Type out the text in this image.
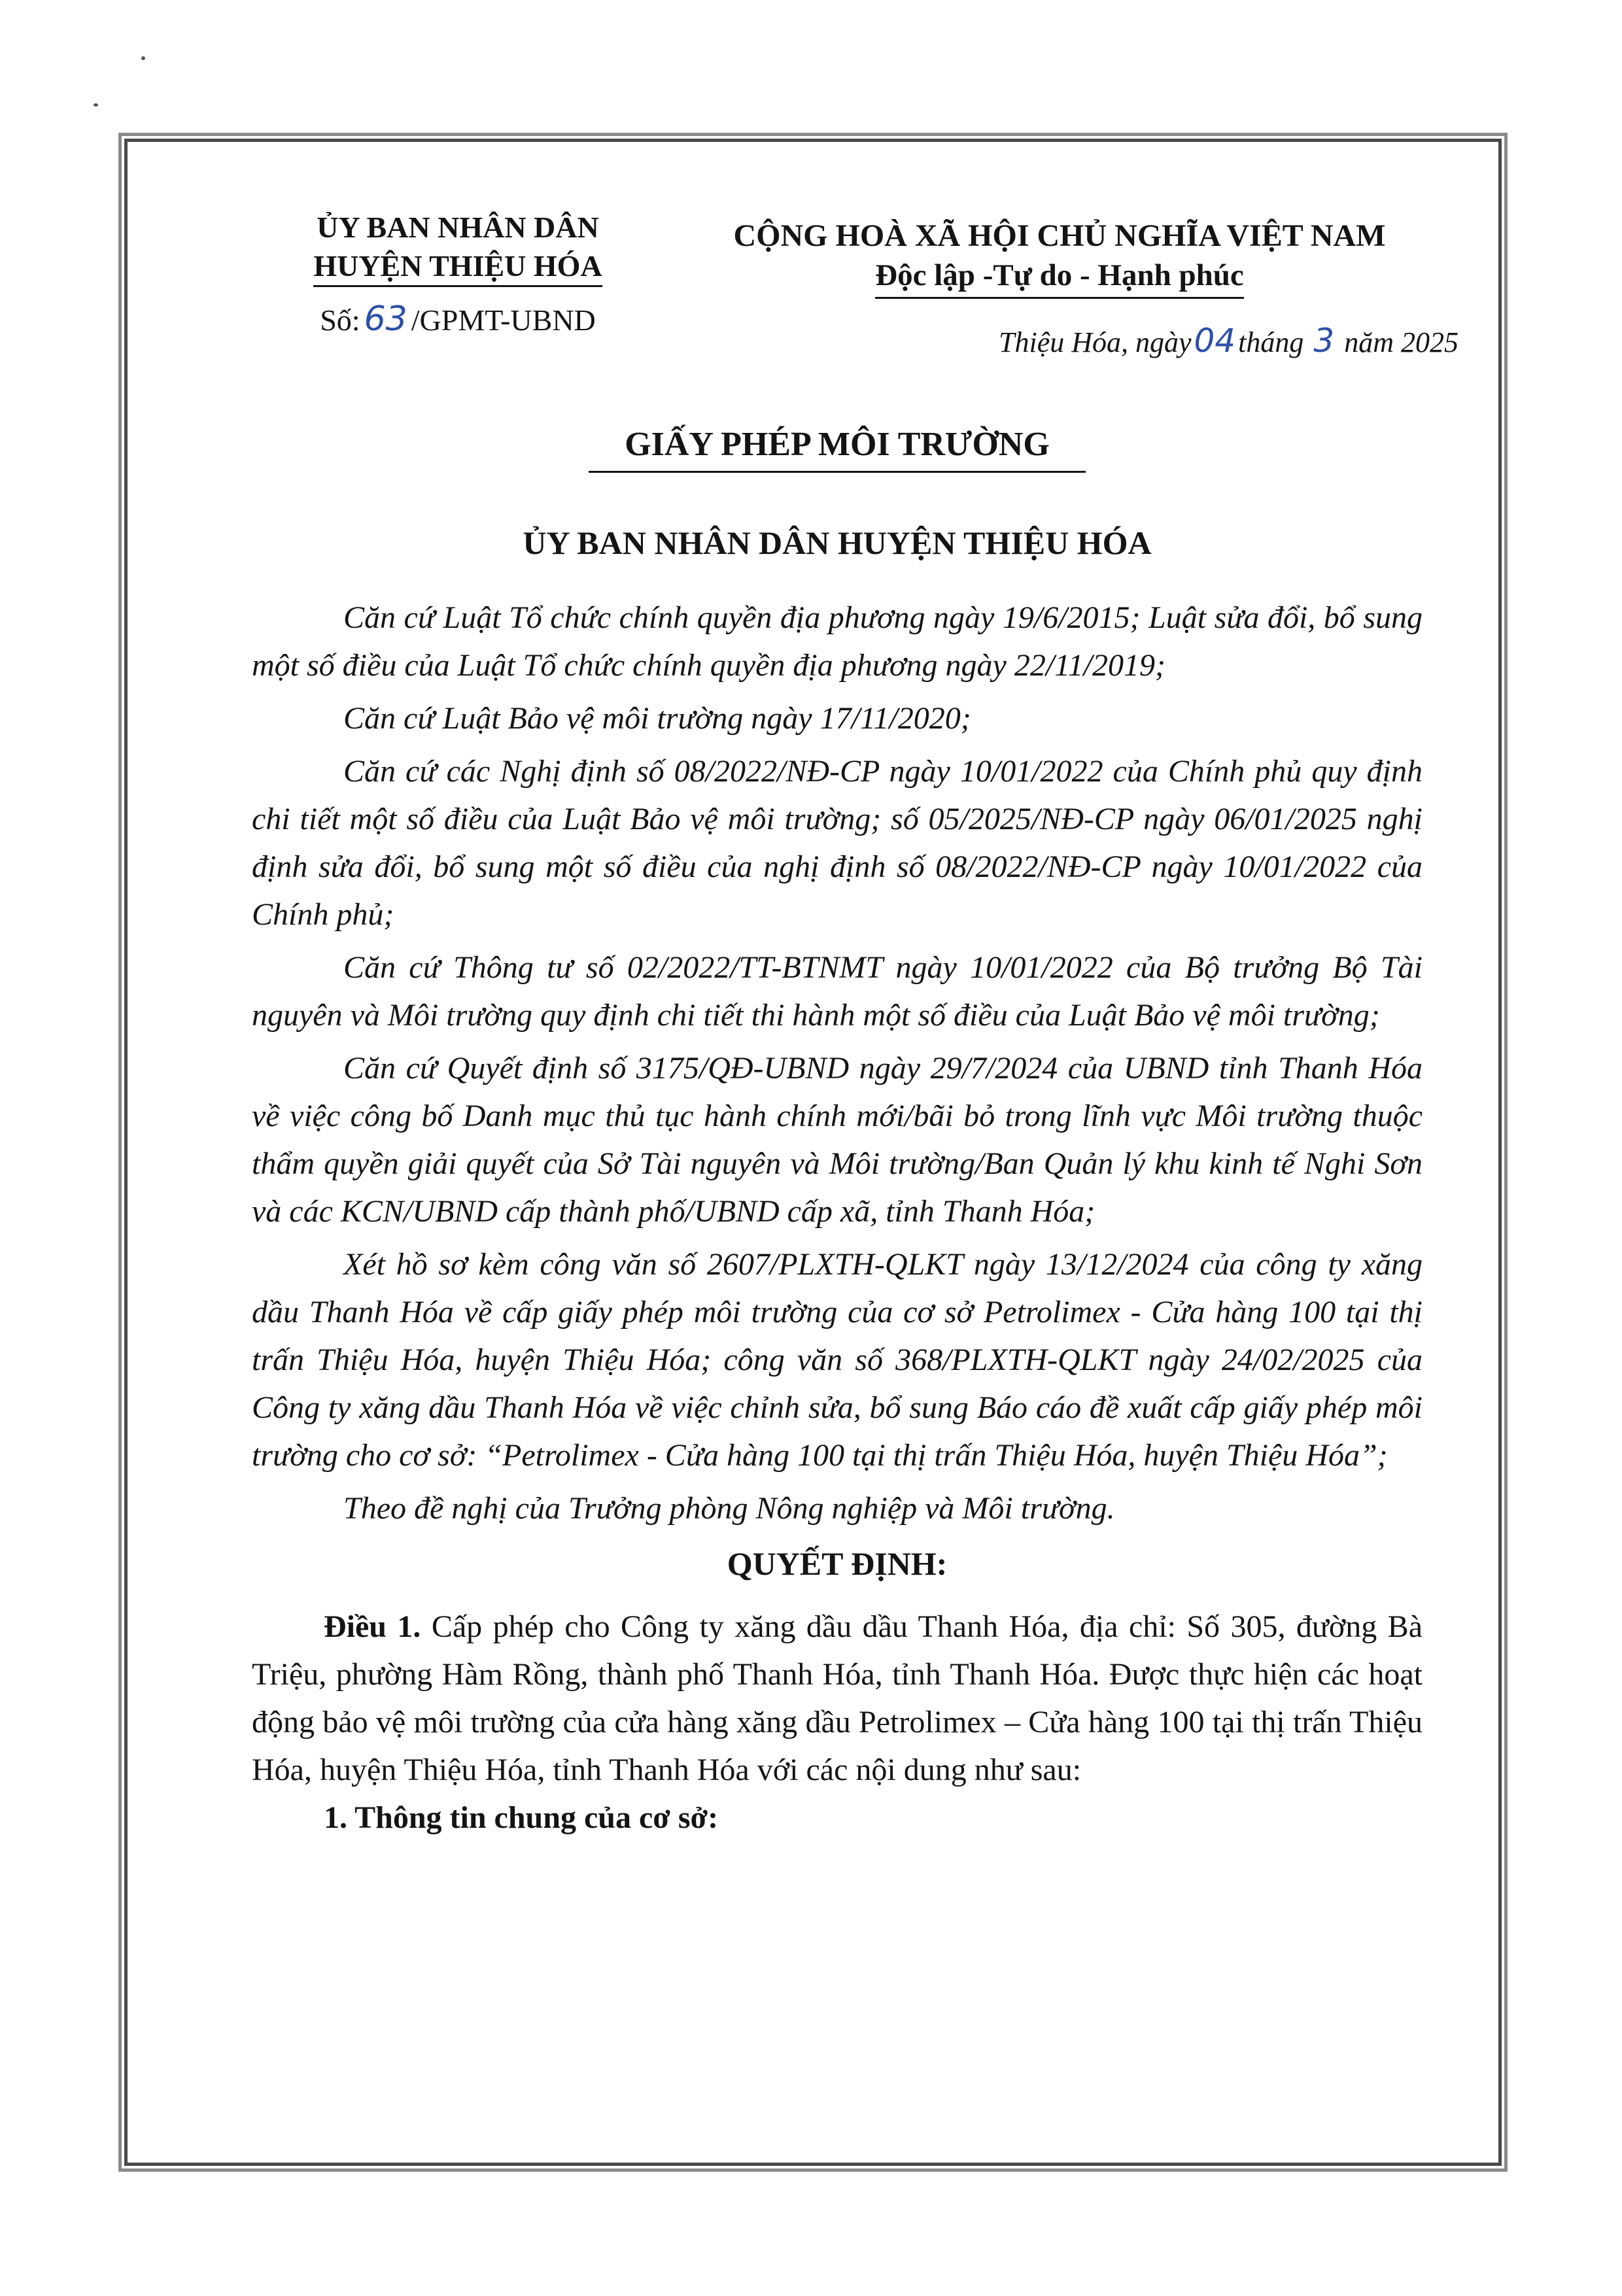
ỦY BAN NHÂN DÂN
HUYỆN THIỆU HÓA
Số: 63 /GPMT-UBND
CỘNG HOÀ XÃ HỘI CHỦ NGHĨA VIỆT NAM
Độc lập -Tự do - Hạnh phúc
Thiệu Hóa, ngày04tháng 3 năm 2025
GIẤY PHÉP MÔI TRƯỜNG
ỦY BAN NHÂN DÂN HUYỆN THIỆU HÓA

Căn cứ Luật Tổ chức chính quyền địa phương ngày 19/6/2015; Luật sửa đổi, bổ sung một số điều của Luật Tổ chức chính quyền địa phương ngày 22/11/2019;

Căn cứ Luật Bảo vệ môi trường ngày 17/11/2020;

Căn cứ các Nghị định số 08/2022/NĐ-CP ngày 10/01/2022 của Chính phủ quy định chi tiết một số điều của Luật Bảo vệ môi trường; số 05/2025/NĐ-CP ngày 06/01/2025 nghị định sửa đổi, bổ sung một số điều của nghị định số 08/2022/NĐ-CP ngày 10/01/2022 của Chính phủ;

Căn cứ Thông tư số 02/2022/TT-BTNMT ngày 10/01/2022 của Bộ trưởng Bộ Tài nguyên và Môi trường quy định chi tiết thi hành một số điều của Luật Bảo vệ môi trường;

Căn cứ Quyết định số 3175/QĐ-UBND ngày 29/7/2024 của UBND tỉnh Thanh Hóa về việc công bố Danh mục thủ tục hành chính mới/bãi bỏ trong lĩnh vực Môi trường thuộc thẩm quyền giải quyết của Sở Tài nguyên và Môi trường/Ban Quản lý khu kinh tế Nghi Sơn và các KCN/UBND cấp thành phố/UBND cấp xã, tỉnh Thanh Hóa;

Xét hồ sơ kèm công văn số 2607/PLXTH-QLKT ngày 13/12/2024 của công ty xăng dầu Thanh Hóa về cấp giấy phép môi trường của cơ sở Petrolimex - Cửa hàng 100 tại thị trấn Thiệu Hóa, huyện Thiệu Hóa; công văn số 368/PLXTH-QLKT ngày 24/02/2025 của Công ty xăng dầu Thanh Hóa về việc chỉnh sửa, bổ sung Báo cáo đề xuất cấp giấy phép môi trường cho cơ sở: “Petrolimex - Cửa hàng 100 tại thị trấn Thiệu Hóa, huyện Thiệu Hóa”;

Theo đề nghị của Trưởng phòng Nông nghiệp và Môi trường.

QUYẾT ĐỊNH:

Điều 1. Cấp phép cho Công ty xăng dầu dầu Thanh Hóa, địa chỉ: Số 305, đường Bà Triệu, phường Hàm Rồng, thành phố Thanh Hóa, tỉnh Thanh Hóa. Được thực hiện các hoạt động bảo vệ môi trường của cửa hàng xăng dầu Petrolimex – Cửa hàng 100 tại thị trấn Thiệu Hóa, huyện Thiệu Hóa, tỉnh Thanh Hóa với các nội dung như sau:

1. Thông tin chung của cơ sở:
